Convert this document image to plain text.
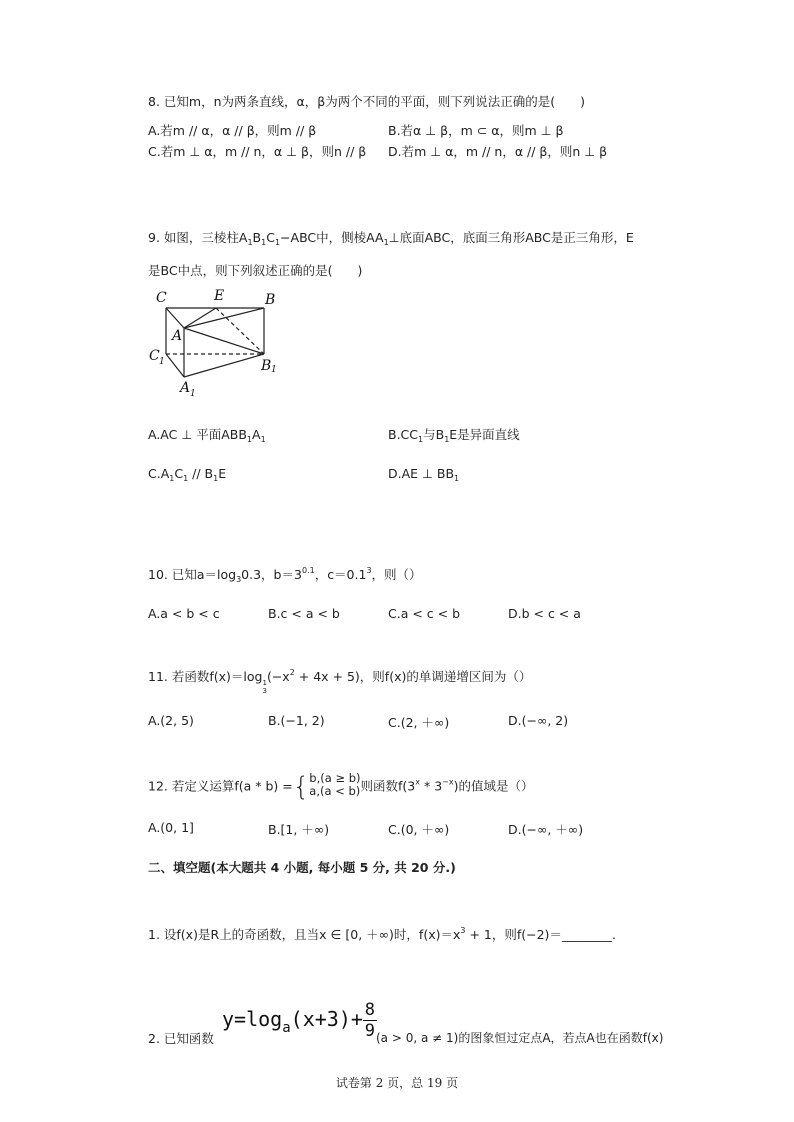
8. 已知m，n为两条直线，α，β为两个不同的平面，则下列说法正确的是(　　)
A.若m // α，α // β，则m // β	B.若α ⊥ β，m ⊂ α，则m ⊥ β
C.若m ⊥ α，m // n，α ⊥ β，则n // β D.若m ⊥ α，m // n，α // β，则n ⊥ β
9. 如图，三棱柱$A_1B_1C_1-ABC$中，侧棱$AA_1\perp$底面ABC，底面三角形ABC是正三角形，E
是BC中点，则下列叙述正确的是(　　)
C	E	B
A
C 1	B 1
A 1
A.AC ⊥ 平面$ABB_1A_1$	$B.CC_1$与$B_1E$是异面直线
$C.A_1C_1 // B_1E$	D.AE ⊥ $BB_1$
10. 已知$a=\log_30.3$，$b=3^{0.1}$，$c=0.1^3$，则（）
A.a < b < c	B.c < a < b	C.a < c < b	D.b < c < a
11. 若函数f(x)＝log1
$3(-x^2 + 4x + 5)$，则f(x)的单调递增区间为（）
A.(2, 5)	B.(−1, 2)	C.(2, ＋∞)	D.(−∞, 2)
12. 若定义运算f(a * b) ={b,(a ≥ b)
a,(a < b)则函数$f(3^x * 3^{-x})$的值域是（）
A.(0, 1]	B.[1, ＋∞)	C.(0, ＋∞)	D.(−∞, ＋∞)
二、填空题(本大题共 4 小题, 每小题 5 分, 共 20 分.)
1. 设f(x)是R上的奇函数，且当x ∈ [0, ＋∞)时，$f(x)=x^3 + 1$，则f(−2)＝________.
$y=\log_a(x+3)+\frac{8}{9}$
2. 已知函数	(a > 0, a ≠ 1)的图象恒过定点A，若点A也在函数f(x)
试卷第 2 页，总 19 页
